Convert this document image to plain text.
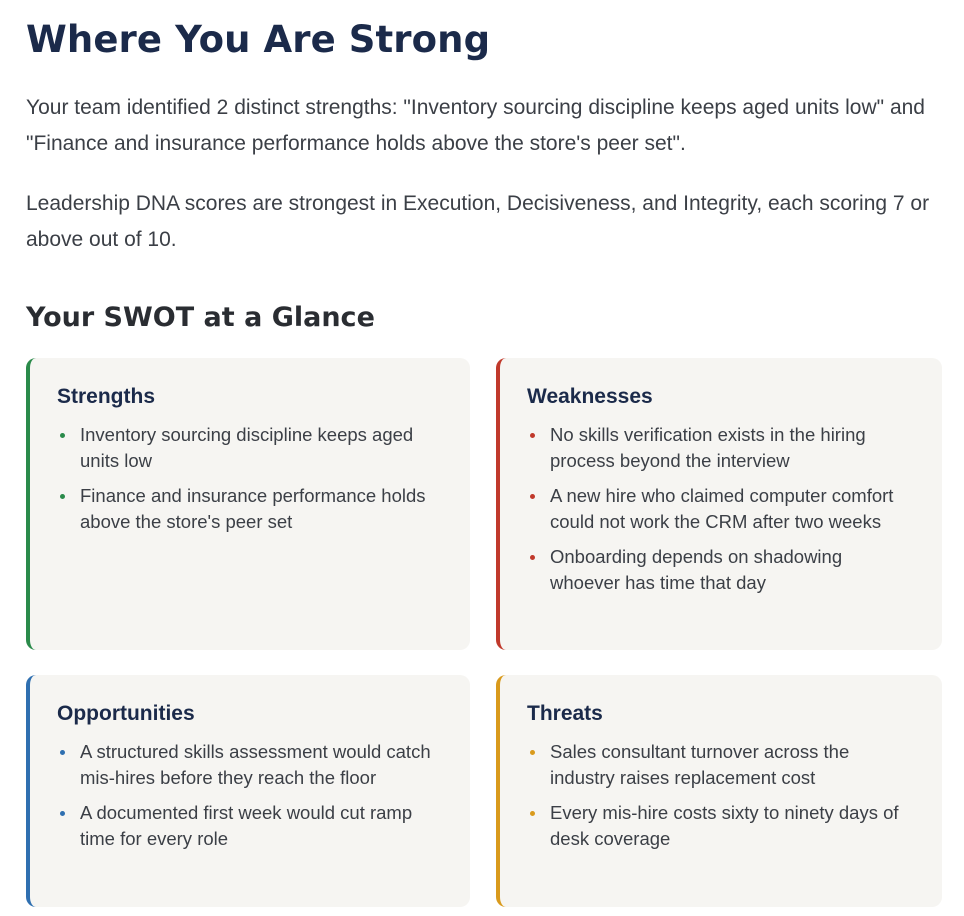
Where You Are Strong

Your team identified 2 distinct strengths: "Inventory sourcing discipline keeps aged units low" and "Finance and insurance performance holds above the store's peer set".

Leadership DNA scores are strongest in Execution, Decisiveness, and Integrity, each scoring 7 or above out of 10.

Your SWOT at a Glance
Strengths
Inventory sourcing discipline keeps aged units low
Finance and insurance performance holds above the store's peer set
Weaknesses
No skills verification exists in the hiring process beyond the interview
A new hire who claimed computer comfort could not work the CRM after two weeks
Onboarding depends on shadowing whoever has time that day
Opportunities
A structured skills assessment would catch mis-hires before they reach the floor
A documented first week would cut ramp time for every role
Threats
Sales consultant turnover across the industry raises replacement cost
Every mis-hire costs sixty to ninety days of desk coverage
